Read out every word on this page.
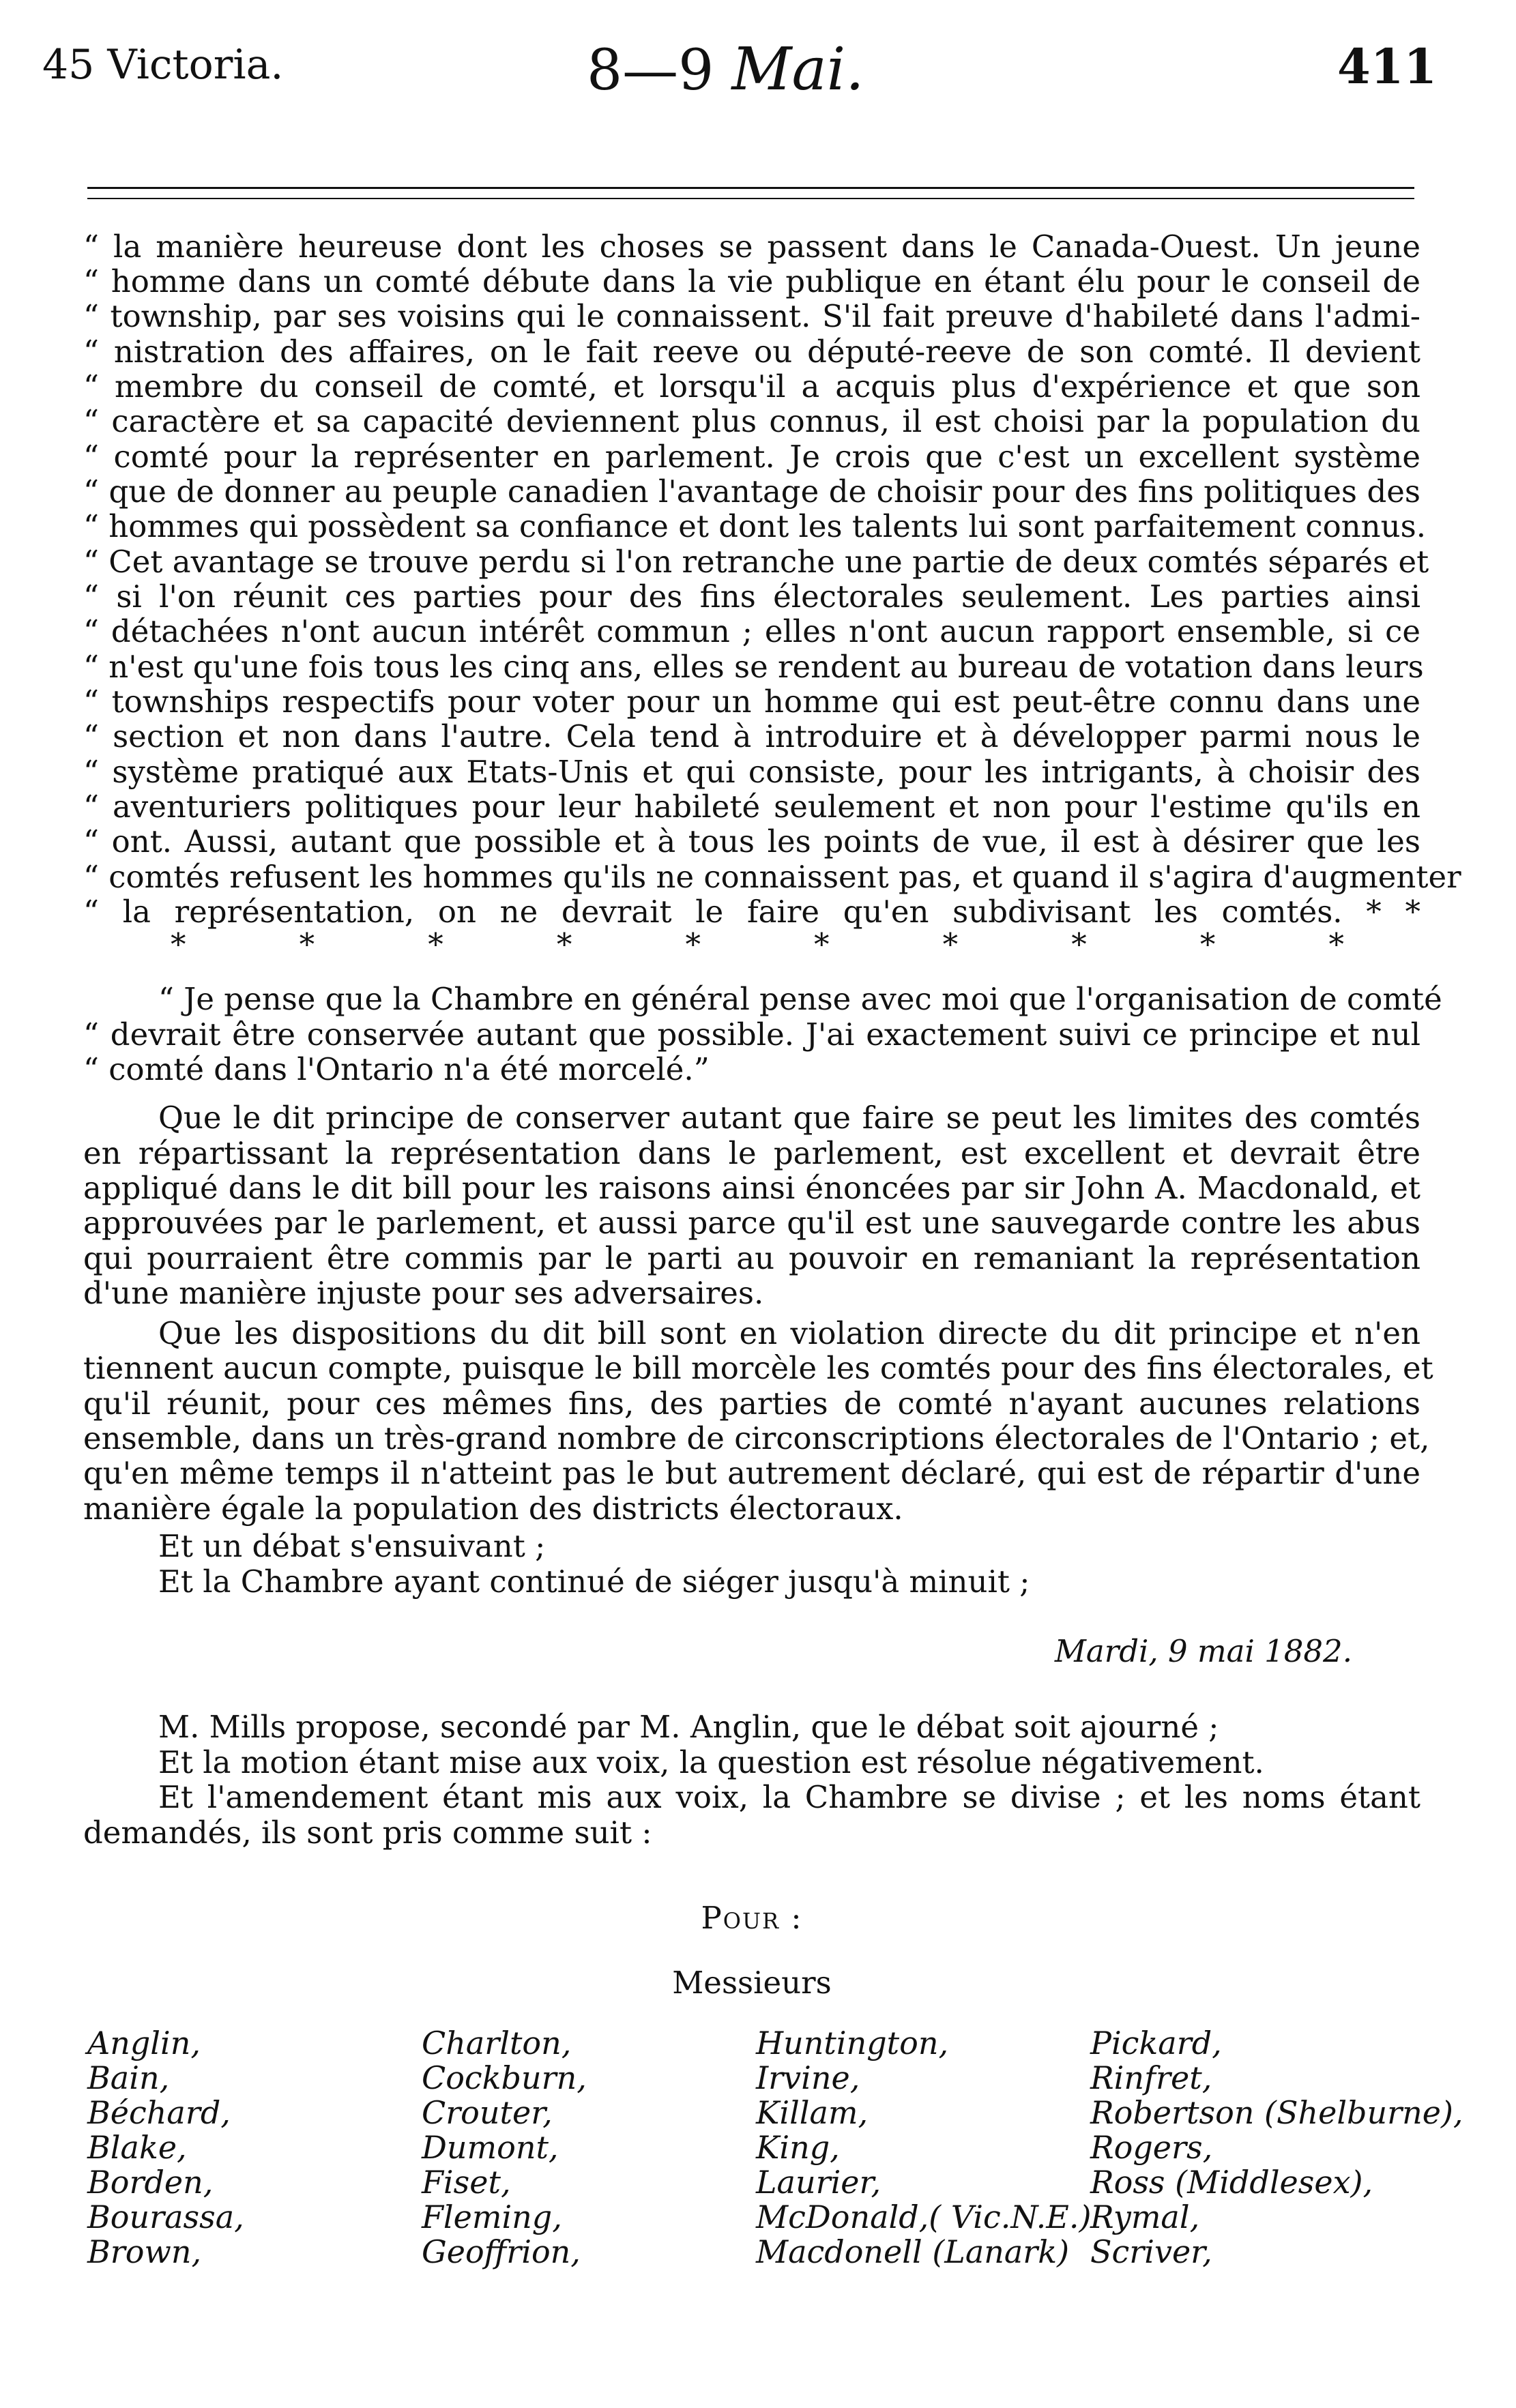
45 Victoria.	8—9 Mai.	411
“ la manière heureuse dont les choses se passent dans le Canada-Ouest. Un jeune
“ homme dans un comté débute dans la vie publique en étant élu pour le conseil de
“ township, par ses voisins qui le connaissent. S'il fait preuve d'habileté dans l'admi-
“ nistration des affaires, on le fait reeve ou député-reeve de son comté. Il devient
“ membre du conseil de comté, et lorsqu'il a acquis plus d'expérience et que son
“ caractère et sa capacité deviennent plus connus, il est choisi par la population du
“ comté pour la représenter en parlement. Je crois que c'est un excellent système
“ que de donner au peuple canadien l'avantage de choisir pour des fins politiques des
“ hommes qui possèdent sa confiance et dont les talents lui sont parfaitement connus.
“ Cet avantage se trouve perdu si l'on retranche une partie de deux comtés séparés et
“ si l'on réunit ces parties pour des fins électorales seulement. Les parties ainsi
“ détachées n'ont aucun intérêt commun ; elles n'ont aucun rapport ensemble, si ce
“ n'est qu'une fois tous les cinq ans, elles se rendent au bureau de votation dans leurs
“ townships respectifs pour voter pour un homme qui est peut-être connu dans une
“ section et non dans l'autre. Cela tend à introduire et à développer parmi nous le
“ système pratiqué aux Etats-Unis et qui consiste, pour les intrigants, à choisir des
“ aventuriers politiques pour leur habileté seulement et non pour l'estime qu'ils en
“ ont. Aussi, autant que possible et à tous les points de vue, il est à désirer que les
“ comtés refusent les hommes qu'ils ne connaissent pas, et quand il s'agira d'augmenter
“ la représentation, on ne devrait le faire qu'en subdivisant les comtés. * *
* * * * * * * * * *
“ Je pense que la Chambre en général pense avec moi que l'organisation de comté
“ devrait être conservée autant que possible. J'ai exactement suivi ce principe et nul
“ comté dans l'Ontario n'a été morcelé.”
Que le dit principe de conserver autant que faire se peut les limites des comtés
en répartissant la représentation dans le parlement, est excellent et devrait être
appliqué dans le dit bill pour les raisons ainsi énoncées par sir John A. Macdonald, et
approuvées par le parlement, et aussi parce qu'il est une sauvegarde contre les abus
qui pourraient être commis par le parti au pouvoir en remaniant la représentation
d'une manière injuste pour ses adversaires.
Que les dispositions du dit bill sont en violation directe du dit principe et n'en
tiennent aucun compte, puisque le bill morcèle les comtés pour des fins électorales, et
qu'il réunit, pour ces mêmes fins, des parties de comté n'ayant aucunes relations
ensemble, dans un très-grand nombre de circonscriptions électorales de l'Ontario ; et,
qu'en même temps il n'atteint pas le but autrement déclaré, qui est de répartir d'une
manière égale la population des districts électoraux.
Et un débat s'ensuivant ;
Et la Chambre ayant continué de siéger jusqu'à minuit ;
Mardi, 9 mai 1882.
M. Mills propose, secondé par M. Anglin, que le débat soit ajourné ;
Et la motion étant mise aux voix, la question est résolue négativement.
Et l'amendement étant mis aux voix, la Chambre se divise ; et les noms étant
demandés, ils sont pris comme suit :
Pour :
Messieurs
Anglin,
Bain,
Béchard,
Blake,
Borden,
Bourassa,
Brown,
Charlton,
Cockburn,
Crouter,
Dumont,
Fiset,
Fleming,
Geoffrion,
Huntington,
Irvine,
Killam,
King,
Laurier,
McDonald,( Vic.N.E.)
Macdonell (Lanark)
Pickard,
Rinfret,
Robertson (Shelburne),
Rogers,
Ross (Middlesex),
Rymal,
Scriver,
